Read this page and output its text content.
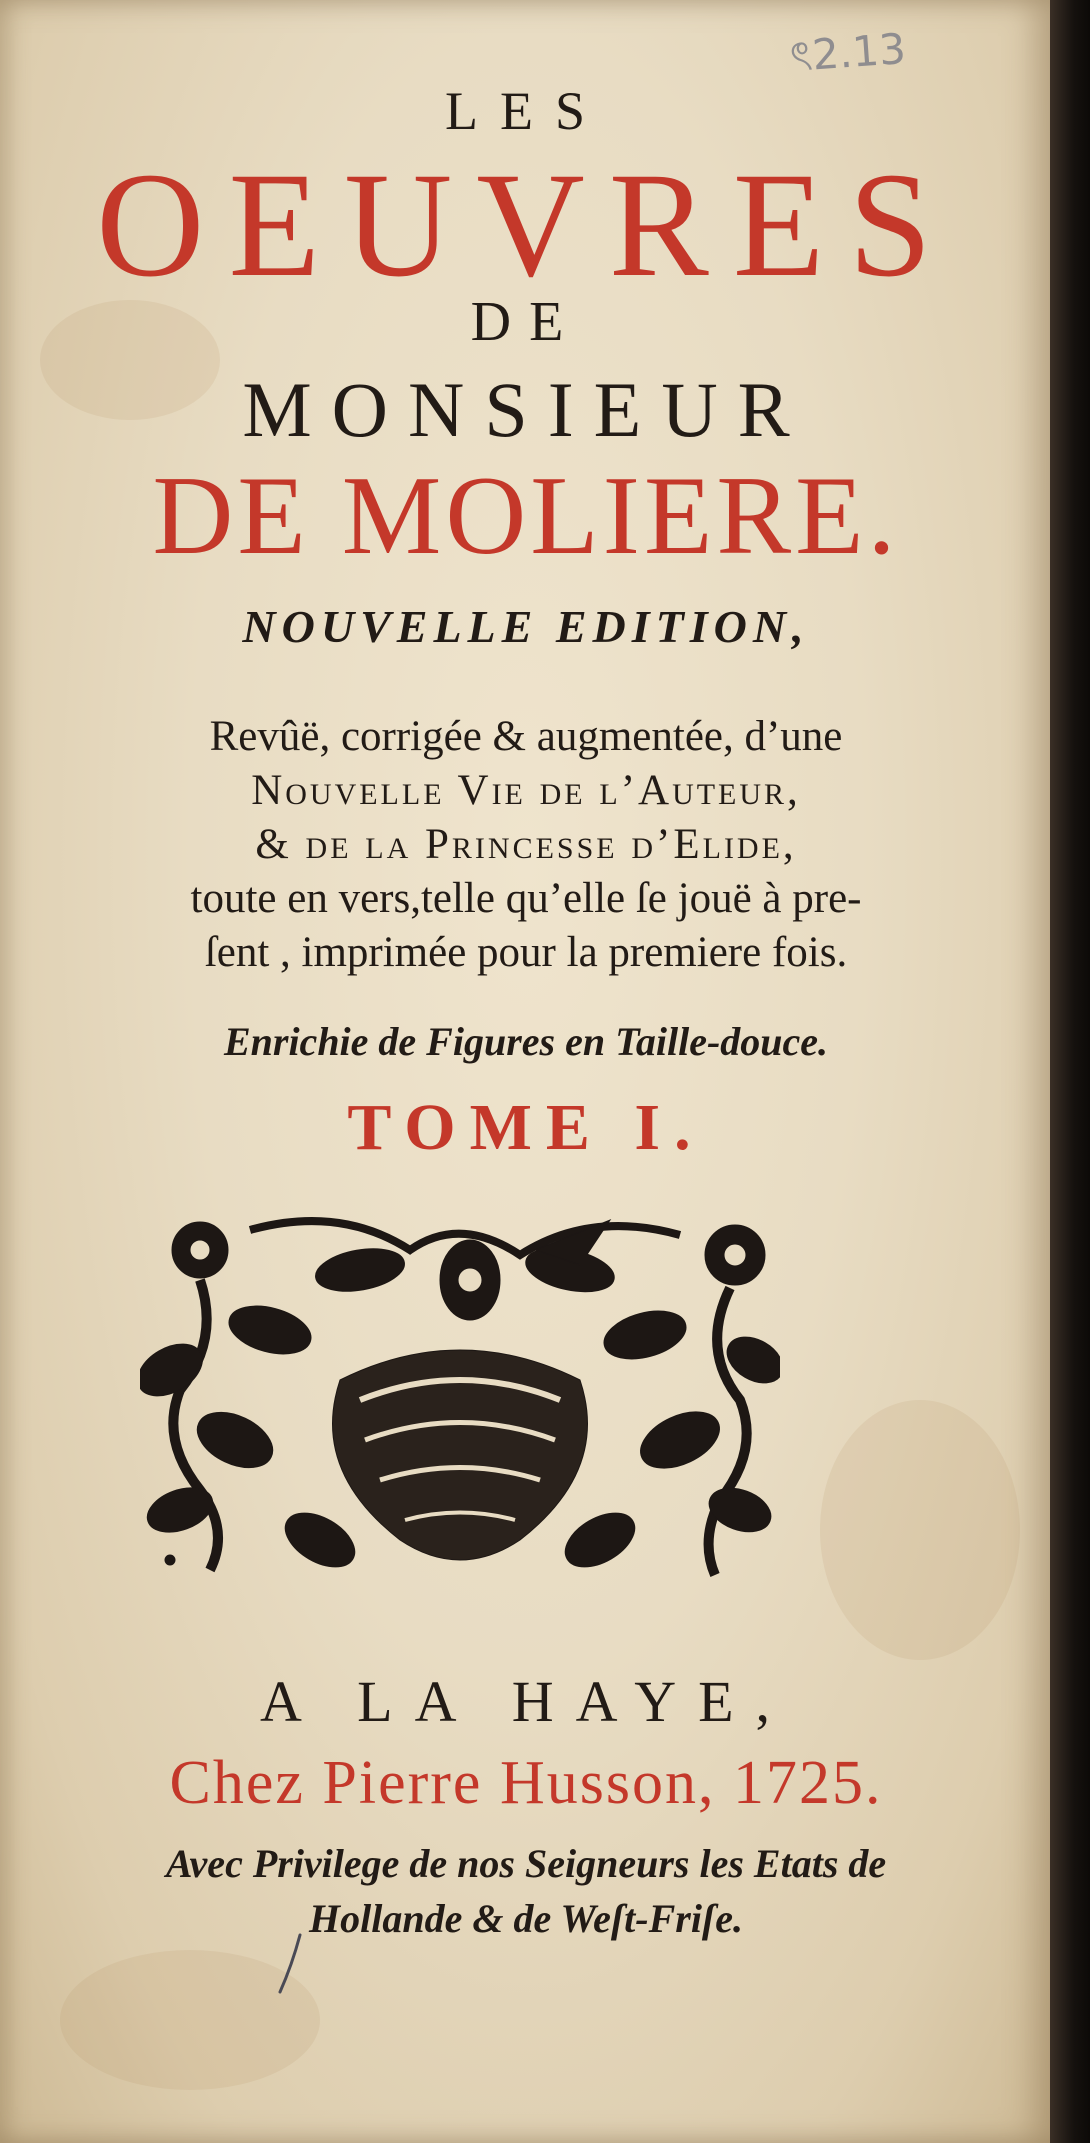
ৎ2.13
LES
OEUVRES
DE
MONSIEUR
DE MOLIERE.
NOUVELLE EDITION,
Revûë, corrigée & augmentée, d’une
Nouvelle Vie de l’Auteur,
& de la Princesse d’Elide,
toute en vers,telle qu’elle ſe jouë à pre-
ſent , imprimée pour la premiere fois.
Enrichie de Figures en Taille-douce.
TOME I.
A LA HAYE,
Chez Pierre Husson, 1725.
Avec Privilege de nos Seigneurs les Etats de
Hollande & de Weſt-Friſe.
